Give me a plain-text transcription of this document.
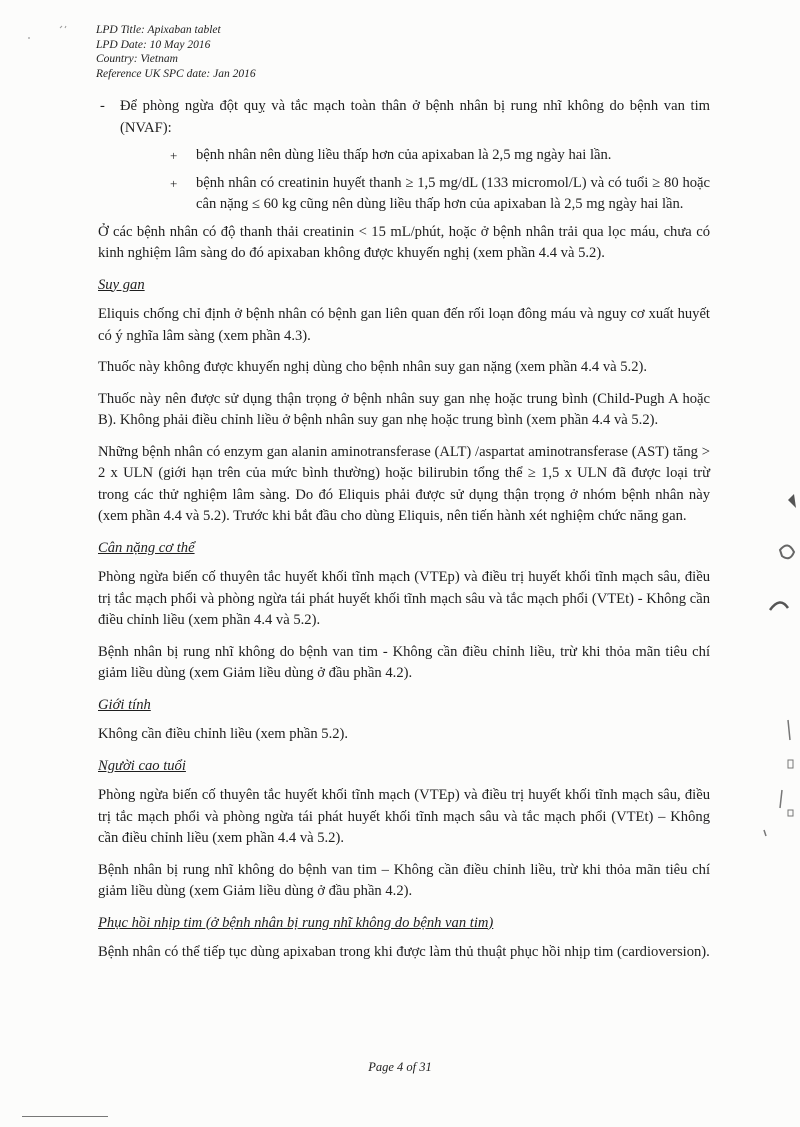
LPD Title: Apixaban tablet
LPD Date: 10 May 2016
Country: Vietnam
Reference UK SPC date: Jan 2016
- Để phòng ngừa đột quỵ và tắc mạch toàn thân ở bệnh nhân bị rung nhĩ không do bệnh van tim (NVAF):
+ bệnh nhân nên dùng liều thấp hơn của apixaban là 2,5 mg ngày hai lần.
+ bệnh nhân có creatinin huyết thanh ≥ 1,5 mg/dL (133 micromol/L) và có tuổi ≥ 80 hoặc cân nặng ≤ 60 kg cũng nên dùng liều thấp hơn của apixaban là 2,5 mg ngày hai lần.

Ở các bệnh nhân có độ thanh thải creatinin < 15 mL/phút, hoặc ở bệnh nhân trải qua lọc máu, chưa có kinh nghiệm lâm sàng do đó apixaban không được khuyến nghị (xem phần 4.4 và 5.2).

Suy gan

Eliquis chống chỉ định ở bệnh nhân có bệnh gan liên quan đến rối loạn đông máu và nguy cơ xuất huyết có ý nghĩa lâm sàng (xem phần 4.3).

Thuốc này không được khuyến nghị dùng cho bệnh nhân suy gan nặng (xem phần 4.4 và 5.2).

Thuốc này nên được sử dụng thận trọng ở bệnh nhân suy gan nhẹ hoặc trung bình (Child-Pugh A hoặc B). Không phải điều chỉnh liều ở bệnh nhân suy gan nhẹ hoặc trung bình (xem phần 4.4 và 5.2).

Những bệnh nhân có enzym gan alanin aminotransferase (ALT) /aspartat aminotransferase (AST) tăng > 2 x ULN (giới hạn trên của mức bình thường) hoặc bilirubin tổng thể ≥ 1,5 x ULN đã được loại trừ trong các thử nghiệm lâm sàng. Do đó Eliquis phải được sử dụng thận trọng ở nhóm bệnh nhân này (xem phần 4.4 và 5.2). Trước khi bắt đầu cho dùng Eliquis, nên tiến hành xét nghiệm chức năng gan.

Cân nặng cơ thể

Phòng ngừa biến cố thuyên tắc huyết khối tĩnh mạch (VTEp) và điều trị huyết khối tĩnh mạch sâu, điều trị tắc mạch phổi và phòng ngừa tái phát huyết khối tĩnh mạch sâu và tắc mạch phổi (VTEt) - Không cần điều chỉnh liều (xem phần 4.4 và 5.2).

Bệnh nhân bị rung nhĩ không do bệnh van tim - Không cần điều chỉnh liều, trừ khi thỏa mãn tiêu chí giảm liều dùng (xem Giảm liều dùng ở đầu phần 4.2).

Giới tính

Không cần điều chỉnh liều (xem phần 5.2).

Người cao tuổi

Phòng ngừa biến cố thuyên tắc huyết khối tĩnh mạch (VTEp) và điều trị huyết khối tĩnh mạch sâu, điều trị tắc mạch phổi và phòng ngừa tái phát huyết khối tĩnh mạch sâu và tắc mạch phổi (VTEt) – Không cần điều chỉnh liều (xem phần 4.4 và 5.2).

Bệnh nhân bị rung nhĩ không do bệnh van tim – Không cần điều chỉnh liều, trừ khi thỏa mãn tiêu chí giảm liều dùng (xem Giảm liều dùng ở đầu phần 4.2).

Phục hồi nhịp tim (ở bệnh nhân bị rung nhĩ không do bệnh van tim)

Bệnh nhân có thể tiếp tục dùng apixaban trong khi được làm thủ thuật phục hồi nhịp tim (cardioversion).

Page 4 of 31
